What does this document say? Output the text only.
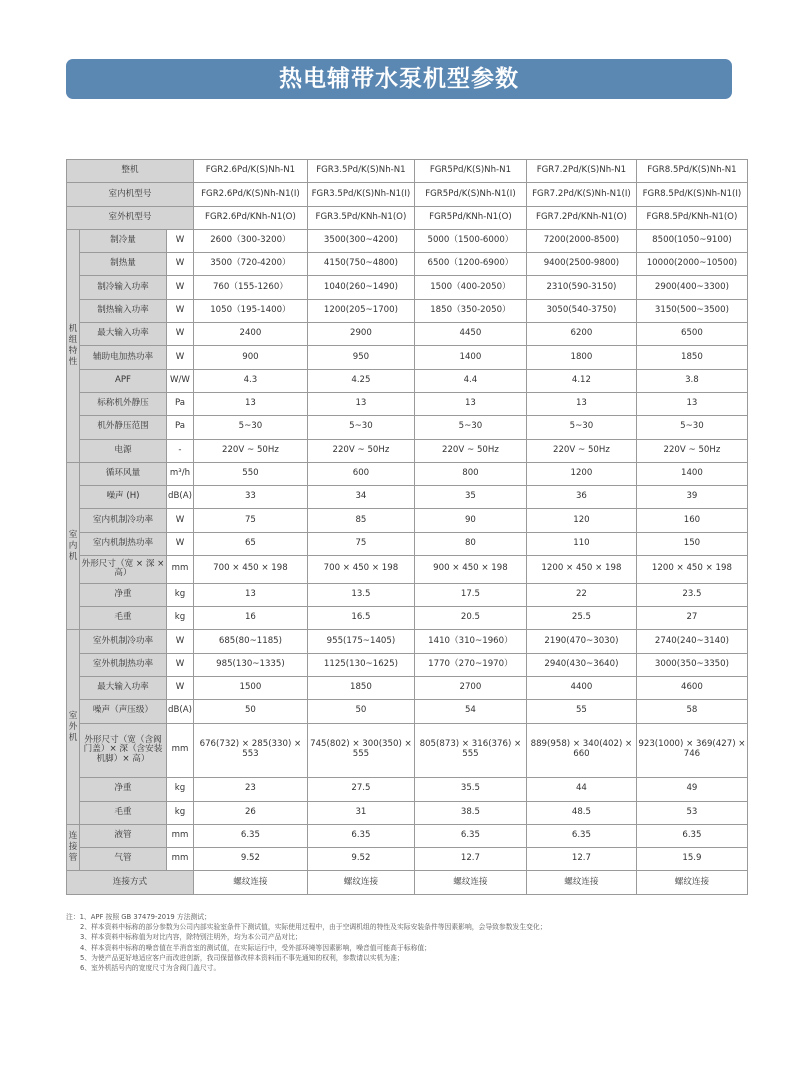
热电辅带水泵机型参数
整机			FGR2.6Pd/K(S)Nh-N1	FGR3.5Pd/K(S)Nh-N1	FGR5Pd/K(S)Nh-N1	FGR7.2Pd/K(S)Nh-N1	FGR8.5Pd/K(S)Nh-N1
室内机型号			FGR2.6Pd/K(S)Nh-N1(I)	FGR3.5Pd/K(S)Nh-N1(I)	FGR5Pd/K(S)Nh-N1(I)	FGR7.2Pd/K(S)Nh-N1(I)	FGR8.5Pd/K(S)Nh-N1(I)
室外机型号			FGR2.6Pd/KNh-N1(O)	FGR3.5Pd/KNh-N1(O)	FGR5Pd/KNh-N1(O)	FGR7.2Pd/KNh-N1(O)	FGR8.5Pd/KNh-N1(O)

机
组
特
性	制冷量	W	2600（300-3200）	3500(300~4200)	5000（1500-6000）	7200(2000-8500)	8500(1050~9100)
	制热量	W	3500（720-4200）	4150(750~4800)	6500（1200-6900）	9400(2500-9800)	10000(2000~10500)
	制冷输入功率	W	760（155-1260）	1040(260~1490)	1500（400-2050）	2310(590-3150)	2900(400~3300)
	制热输入功率	W	1050（195-1400）	1200(205~1700)	1850（350-2050）	3050(540-3750)	3150(500~3500)
	最大输入功率	W	2400	2900	4450	6200	6500
	辅助电加热功率	W	900	950	1400	1800	1850
	APF	W/W	4.3	4.25	4.4	4.12	3.8
	标称机外静压	Pa	13	13	13	13	13
	机外静压范围	Pa	5~30	5~30	5~30	5~30	5~30
	电源	-	220V ~ 50Hz	220V ~ 50Hz	220V ~ 50Hz	220V ~ 50Hz	220V ~ 50Hz

室
内
机	循环风量	m³/h	550	600	800	1200	1400
	噪声 (H)	dB(A)	33	34	35	36	39
	室内机制冷功率	W	75	85	90	120	160
	室内机制热功率	W	65	75	80	110	150
	外形尺寸（宽 × 深 × 高）	mm	700 × 450 × 198	700 × 450 × 198	900 × 450 × 198	1200 × 450 × 198	1200 × 450 × 198
	净重	kg	13	13.5	17.5	22	23.5
	毛重	kg	16	16.5	20.5	25.5	27

室
外
机	室外机制冷功率	W	685(80~1185)	955(175~1405)	1410（310~1960）	2190(470~3030)	2740(240~3140)
	室外机制热功率	W	985(130~1335)	1125(130~1625)	1770（270~1970）	2940(430~3640)	3000(350~3350)
	最大输入功率	W	1500	1850	2700	4400	4600
	噪声（声压级）	dB(A)	50	50	54	55	58
	外形尺寸（宽（含阀门盖）× 深（含安装机脚）× 高）	mm	676(732) × 285(330) × 553	745(802) × 300(350) × 555	805(873) × 316(376) × 555	889(958) × 340(402) × 660	923(1000) × 369(427) × 746
	净重	kg	23	27.5	35.5	44	49
	毛重	kg	26	31	38.5	48.5	53

连
接
管	液管	mm	6.35	6.35	6.35	6.35	6.35
	气管	mm	9.52	9.52	12.7	12.7	15.9
连接方式			螺纹连接	螺纹连接	螺纹连接	螺纹连接	螺纹连接
注：1、APF 按照 GB 37479-2019 方法测试；
2、样本资料中标称的部分参数为公司内部实验室条件下测试值，实际使用过程中，由于空调机组的特性及实际安装条件等因素影响，会导致参数发生变化；
3、样本资料中标称值为对比内容，除特别注明外，均为本公司产品对比；
4、样本资料中标称的噪音值在半消音室的测试值，在实际运行中，受外部环境等因素影响，噪音值可能高于标称值；
5、为使产品更好地适应客户而改进创新，我司保留修改样本资料而不事先通知的权利，参数请以实机为准；
6、室外机括号内的宽度尺寸为含阀门盖尺寸。
